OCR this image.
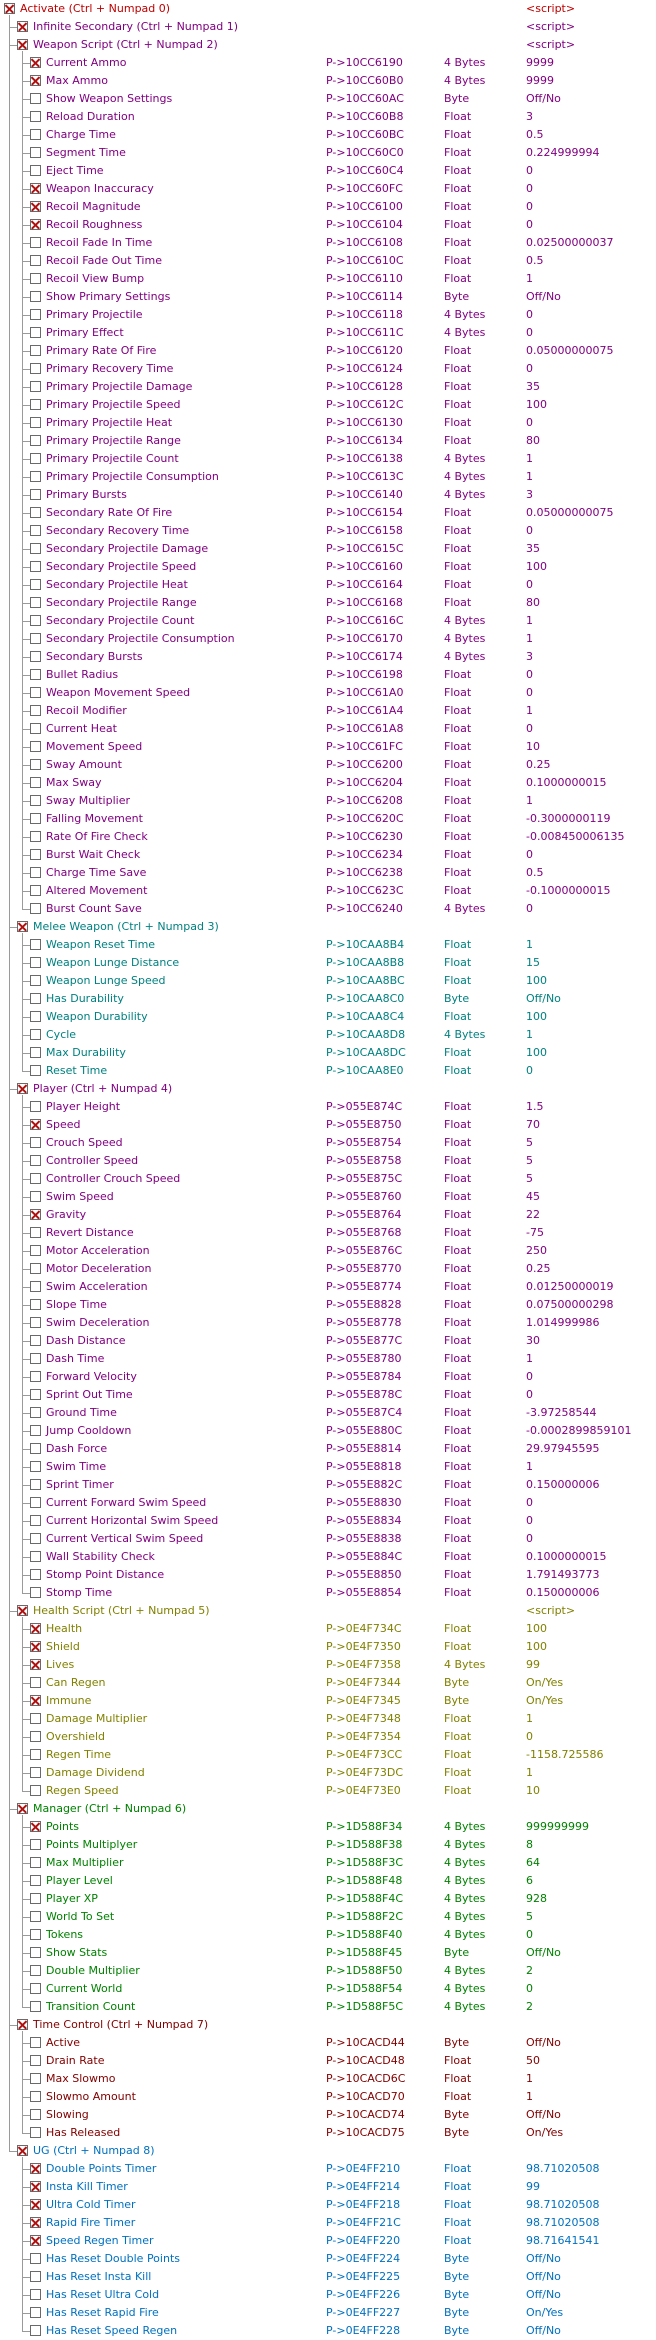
Activate (Ctrl + Numpad 0)	<script>
Infinite Secondary (Ctrl + Numpad 1)	<script>
Weapon Script (Ctrl + Numpad 2)	<script>
Current Ammo	P->10CC6190	4 Bytes	9999
Max Ammo	P->10CC60B0	4 Bytes	9999
Show Weapon Settings	P->10CC60AC	Byte	Off/No
Reload Duration	P->10CC60B8	Float	3
Charge Time	P->10CC60BC	Float	0.5
Segment Time	P->10CC60C0	Float	0.224999994
Eject Time	P->10CC60C4	Float	0
Weapon Inaccuracy	P->10CC60FC	Float	0
Recoil Magnitude	P->10CC6100	Float	0
Recoil Roughness	P->10CC6104	Float	0
Recoil Fade In Time	P->10CC6108	Float	0.02500000037
Recoil Fade Out Time	P->10CC610C	Float	0.5
Recoil View Bump	P->10CC6110	Float	1
Show Primary Settings	P->10CC6114	Byte	Off/No
Primary Projectile	P->10CC6118	4 Bytes	0
Primary Effect	P->10CC611C	4 Bytes	0
Primary Rate Of Fire	P->10CC6120	Float	0.05000000075
Primary Recovery Time	P->10CC6124	Float	0
Primary Projectile Damage	P->10CC6128	Float	35
Primary Projectile Speed	P->10CC612C	Float	100
Primary Projectile Heat	P->10CC6130	Float	0
Primary Projectile Range	P->10CC6134	Float	80
Primary Projectile Count	P->10CC6138	4 Bytes	1
Primary Projectile Consumption	P->10CC613C	4 Bytes	1
Primary Bursts	P->10CC6140	4 Bytes	3
Secondary Rate Of Fire	P->10CC6154	Float	0.05000000075
Secondary Recovery Time	P->10CC6158	Float	0
Secondary Projectile Damage	P->10CC615C	Float	35
Secondary Projectile Speed	P->10CC6160	Float	100
Secondary Projectile Heat	P->10CC6164	Float	0
Secondary Projectile Range	P->10CC6168	Float	80
Secondary Projectile Count	P->10CC616C	4 Bytes	1
Secondary Projectile Consumption	P->10CC6170	4 Bytes	1
Secondary Bursts	P->10CC6174	4 Bytes	3
Bullet Radius	P->10CC6198	Float	0
Weapon Movement Speed	P->10CC61A0	Float	0
Recoil Modifier	P->10CC61A4	Float	1
Current Heat	P->10CC61A8	Float	0
Movement Speed	P->10CC61FC	Float	10
Sway Amount	P->10CC6200	Float	0.25
Max Sway	P->10CC6204	Float	0.1000000015
Sway Multiplier	P->10CC6208	Float	1
Falling Movement	P->10CC620C	Float	-0.3000000119
Rate Of Fire Check	P->10CC6230	Float	-0.008450006135
Burst Wait Check	P->10CC6234	Float	0
Charge Time Save	P->10CC6238	Float	0.5
Altered Movement	P->10CC623C	Float	-0.1000000015
Burst Count Save	P->10CC6240	4 Bytes	0
Melee Weapon (Ctrl + Numpad 3)
Weapon Reset Time	P->10CAA8B4	Float	1
Weapon Lunge Distance	P->10CAA8B8	Float	15
Weapon Lunge Speed	P->10CAA8BC	Float	100
Has Durability	P->10CAA8C0	Byte	Off/No
Weapon Durability	P->10CAA8C4	Float	100
Cycle	P->10CAA8D8	4 Bytes	1
Max Durability	P->10CAA8DC	Float	100
Reset Time	P->10CAA8E0	Float	0
Player (Ctrl + Numpad 4)
Player Height	P->055E874C	Float	1.5
Speed	P->055E8750	Float	70
Crouch Speed	P->055E8754	Float	5
Controller Speed	P->055E8758	Float	5
Controller Crouch Speed	P->055E875C	Float	5
Swim Speed	P->055E8760	Float	45
Gravity	P->055E8764	Float	22
Revert Distance	P->055E8768	Float	-75
Motor Acceleration	P->055E876C	Float	250
Motor Deceleration	P->055E8770	Float	0.25
Swim Acceleration	P->055E8774	Float	0.01250000019
Slope Time	P->055E8828	Float	0.07500000298
Swim Deceleration	P->055E8778	Float	1.014999986
Dash Distance	P->055E877C	Float	30
Dash Time	P->055E8780	Float	1
Forward Velocity	P->055E8784	Float	0
Sprint Out Time	P->055E878C	Float	0
Ground Time	P->055E87C4	Float	-3.97258544
Jump Cooldown	P->055E880C	Float	-0.0002899859101
Dash Force	P->055E8814	Float	29.97945595
Swim Time	P->055E8818	Float	1
Sprint Timer	P->055E882C	Float	0.150000006
Current Forward Swim Speed	P->055E8830	Float	0
Current Horizontal Swim Speed	P->055E8834	Float	0
Current Vertical Swim Speed	P->055E8838	Float	0
Wall Stability Check	P->055E884C	Float	0.1000000015
Stomp Point Distance	P->055E8850	Float	1.791493773
Stomp Time	P->055E8854	Float	0.150000006
Health Script (Ctrl + Numpad 5)	<script>
Health	P->0E4F734C	Float	100
Shield	P->0E4F7350	Float	100
Lives	P->0E4F7358	4 Bytes	99
Can Regen	P->0E4F7344	Byte	On/Yes
Immune	P->0E4F7345	Byte	On/Yes
Damage Multiplier	P->0E4F7348	Float	1
Overshield	P->0E4F7354	Float	0
Regen Time	P->0E4F73CC	Float	-1158.725586
Damage Dividend	P->0E4F73DC	Float	1
Regen Speed	P->0E4F73E0	Float	10
Manager (Ctrl + Numpad 6)
Points	P->1D588F34	4 Bytes	999999999
Points Multiplyer	P->1D588F38	4 Bytes	8
Max Multiplier	P->1D588F3C	4 Bytes	64
Player Level	P->1D588F48	4 Bytes	6
Player XP	P->1D588F4C	4 Bytes	928
World To Set	P->1D588F2C	4 Bytes	5
Tokens	P->1D588F40	4 Bytes	0
Show Stats	P->1D588F45	Byte	Off/No
Double Multiplier	P->1D588F50	4 Bytes	2
Current World	P->1D588F54	4 Bytes	0
Transition Count	P->1D588F5C	4 Bytes	2
Time Control (Ctrl + Numpad 7)
Active	P->10CACD44	Byte	Off/No
Drain Rate	P->10CACD48	Float	50
Max Slowmo	P->10CACD6C	Float	1
Slowmo Amount	P->10CACD70	Float	1
Slowing	P->10CACD74	Byte	Off/No
Has Released	P->10CACD75	Byte	On/Yes
UG (Ctrl + Numpad 8)
Double Points Timer	P->0E4FF210	Float	98.71020508
Insta Kill Timer	P->0E4FF214	Float	99
Ultra Cold Timer	P->0E4FF218	Float	98.71020508
Rapid Fire Timer	P->0E4FF21C	Float	98.71020508
Speed Regen Timer	P->0E4FF220	Float	98.71641541
Has Reset Double Points	P->0E4FF224	Byte	Off/No
Has Reset Insta Kill	P->0E4FF225	Byte	Off/No
Has Reset Ultra Cold	P->0E4FF226	Byte	Off/No
Has Reset Rapid Fire	P->0E4FF227	Byte	On/Yes
Has Reset Speed Regen	P->0E4FF228	Byte	Off/No
